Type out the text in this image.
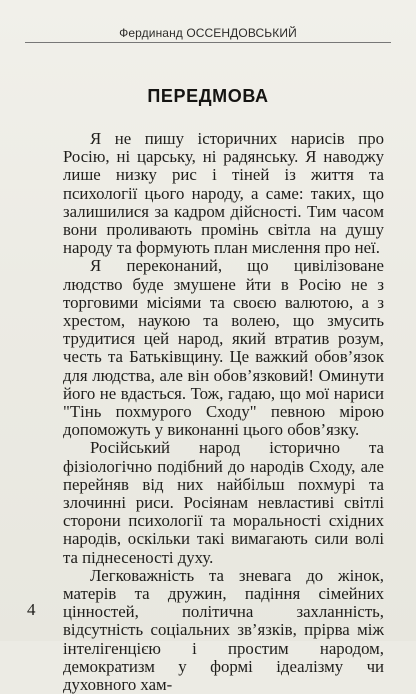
Фердинанд ОССЕНДОВСЬКИЙ
ПЕРЕДМОВА

Я не пишу історичних нарисів про Росію, ні царську, ні радянську. Я наводжу лише низку рис і тіней із життя та психології цього народу, а саме: таких, що залишилися за кадром дійсності. Тим часом вони проливають промінь світла на душу народу та формують план мислення про неї.

Я переконаний, що цивілізоване людство буде змушене йти в Росію не з торговими місіями та своєю валютою, а з хрестом, наукою та волею, що змусить трудитися цей народ, який втратив розум, честь та Батьківщину. Це важкий обов’язок для людства, але він обов’язковий! Оминути його не вдасться. Тож, гадаю, що мої нариси "Тінь похмурого Сходу" певною мірою допоможуть у виконанні цього обов’язку.

Російський народ історично та фізіологічно подібний до народів Сходу, але перейняв від них найбільш похмурі та злочинні риси. Росіянам невластиві світлі сторони психології та моральності східних народів, оскільки такі вимагають сили волі та піднесеності духу.

Легковажність та зневага до жінок, матерів та дружин, падіння сімейних цінностей, політична захланність, відсутність соціальних зв’язків, прірва між інтелігенцією і простим народом, демократизм у формі ідеалізму чи духовного хам-

4
